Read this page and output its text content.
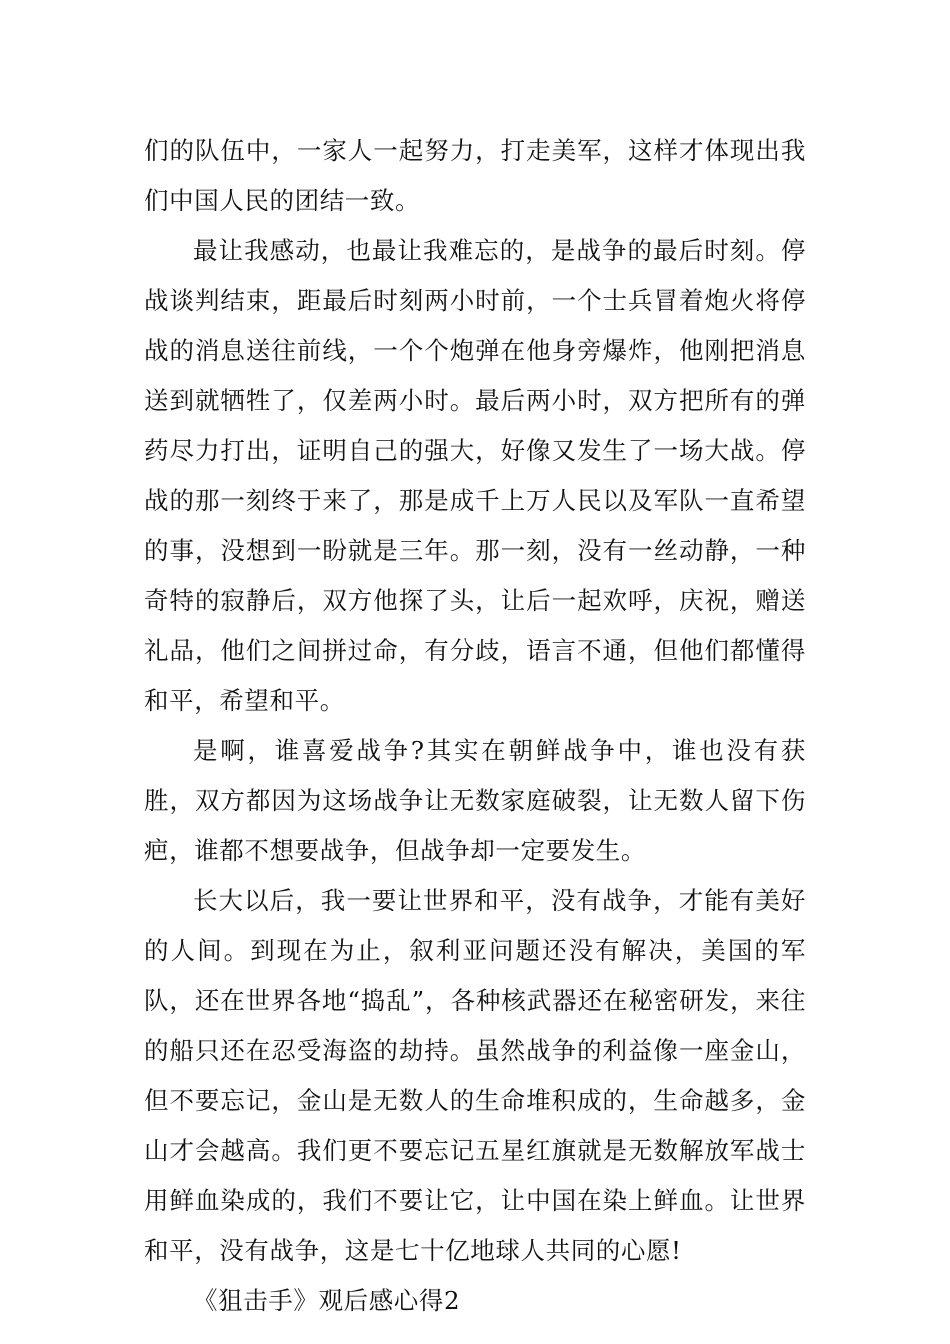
们的队伍中，一家人一起努力，打走美军，这样才体现出我们中国人民的团结一致。

最让我感动，也最让我难忘的，是战争的最后时刻。停战谈判结束，距最后时刻两小时前，一个士兵冒着炮火将停战的消息送往前线，一个个炮弹在他身旁爆炸，他刚把消息送到就牺牲了，仅差两小时。最后两小时，双方把所有的弹药尽力打出，证明自己的强大，好像又发生了一场大战。停战的那一刻终于来了，那是成千上万人民以及军队一直希望的事，没想到一盼就是三年。那一刻，没有一丝动静，一种奇特的寂静后，双方他探了头，让后一起欢呼，庆祝，赠送礼品，他们之间拼过命，有分歧，语言不通，但他们都懂得和平，希望和平。

是啊，谁喜爱战争?其实在朝鲜战争中，谁也没有获胜，双方都因为这场战争让无数家庭破裂，让无数人留下伤疤，谁都不想要战争，但战争却一定要发生。

长大以后，我一要让世界和平，没有战争，才能有美好的人间。到现在为止，叙利亚问题还没有解决，美国的军队，还在世界各地“捣乱”，各种核武器还在秘密研发，来往的船只还在忍受海盗的劫持。虽然战争的利益像一座金山，但不要忘记，金山是无数人的生命堆积成的，生命越多，金山才会越高。我们更不要忘记五星红旗就是无数解放军战士用鲜血染成的，我们不要让它，让中国在染上鲜血。让世界和平，没有战争，这是七十亿地球人共同的心愿!

《狙击手》观后感心得2
